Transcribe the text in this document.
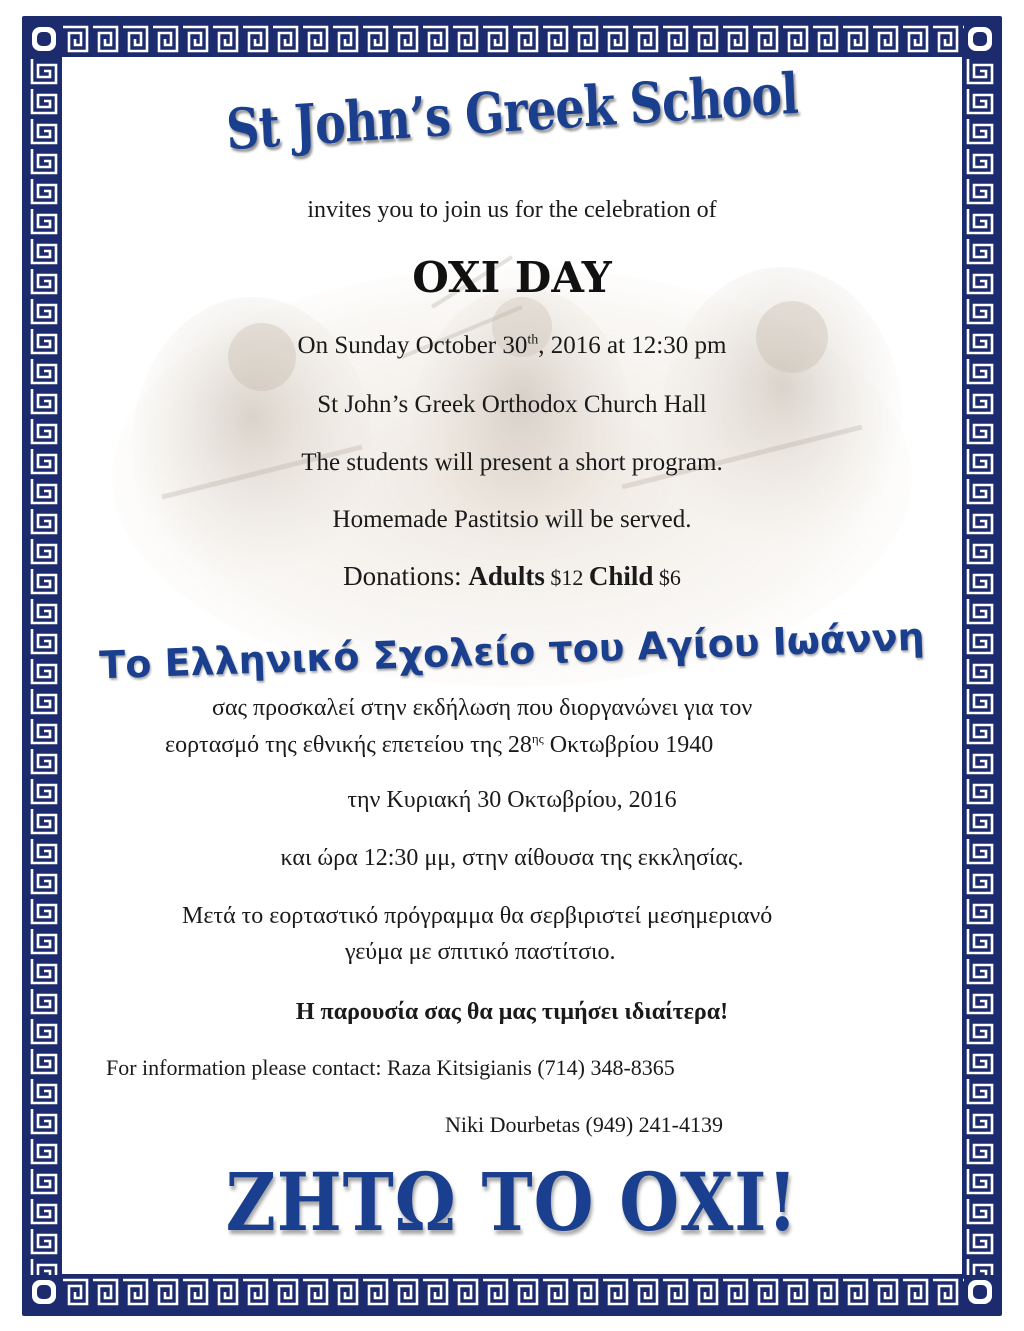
St John’s Greek School
invites you to join us for the celebration of
OXI DAY
On Sunday October 30th, 2016 at 12:30 pm
St John’s Greek Orthodox Church Hall
The students will present a short program.
Homemade Pastitsio will be served.
Donations: Adults $12 Child $6
Το Ελληνικό Σχολείο του Αγίου Ιωάννη
σας προσκαλεί στην εκδήλωση που διοργανώνει για τον
εορτασμό της εθνικής επετείου της $28^{\eta\varsigma}$ Οκτωβρίου 1940
την Κυριακή 30 Οκτωβρίου, 2016
και ώρα 12:30 μμ, στην αίθουσα της εκκλησίας.
Μετά το εορταστικό πρόγραμμα θα σερβιριστεί μεσημεριανό
γεύμα με σπιτικό παστίτσιο.
Η παρουσία σας θα μας τιμήσει ιδιαίτερα!
For information please contact: Raza Kitsigianis (714) 348-8365
Niki Dourbetas (949) 241-4139
ΖΗΤΩ ΤΟ ΟΧΙ!
